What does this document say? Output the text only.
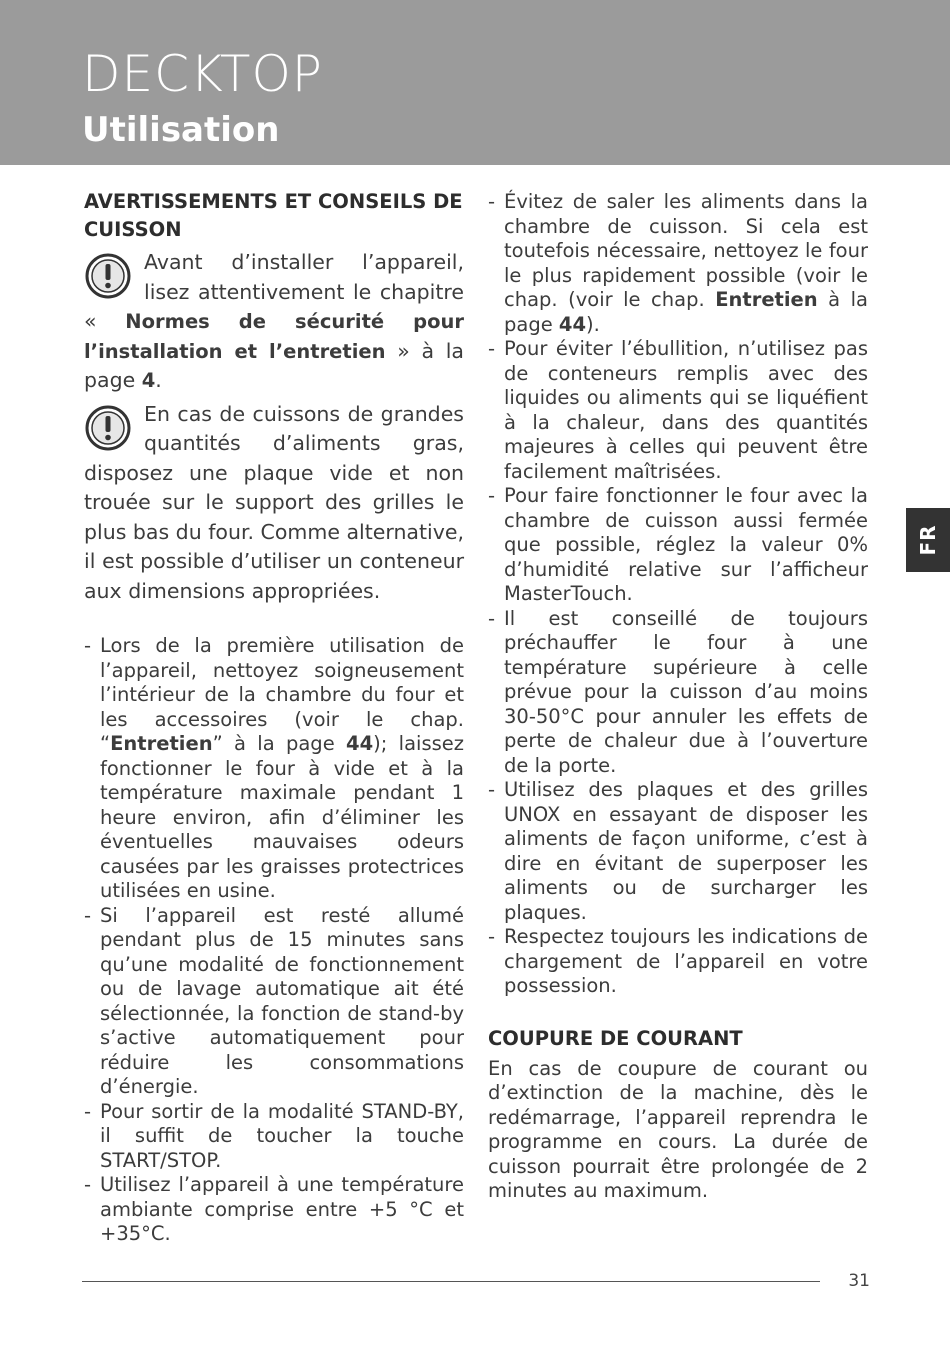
DECKTOP
Utilisation
AVERTISSEMENTS ET CONSEILS DE CUISSON

Avant d’installer l’appareil, lisez attentivement le chapitre « Normes de sécurité pour l’installation et l’entretien » à la page 4.

En cas de cuissons de grandes quantités d’aliments gras, disposez une plaque vide et non trouée sur le support des grilles le plus bas du four. Comme alternative, il est possible d’utiliser un conteneur aux dimensions appropriées.

- Lors de la première utilisation de l’appareil, nettoyez soigneusement l’intérieur de la chambre du four et les accessoires (voir le chap. “Entretien” à la page 44); laissez fonctionner le four à vide et à la température maximale pendant 1 heure environ, afin d’éliminer les éventuelles mauvaises odeurs causées par les graisses protectrices utilisées en usine.
- Si l’appareil est resté allumé pendant plus de 15 minutes sans qu’une modalité de fonctionnement ou de lavage automatique ait été sélectionnée, la fonction de stand-by s’active automatiquement pour réduire les consommations d’énergie.
- Pour sortir de la modalité STAND-BY, il suffit de toucher la touche START/STOP.
- Utilisez l’appareil à une température ambiante comprise entre +5 °C et +35°C.
- Évitez de saler les aliments dans la chambre de cuisson. Si cela est toutefois nécessaire, nettoyez le four le plus rapidement possible (voir le chap. (voir le chap. Entretien à la page 44).
- Pour éviter l’ébullition, n’utilisez pas de conteneurs remplis avec des liquides ou aliments qui se liquéfient à la chaleur, dans des quantités majeures à celles qui peuvent être facilement maîtrisées.
- Pour faire fonctionner le four avec la chambre de cuisson aussi fermée que possible, réglez la valeur 0% d’humidité relative sur l’afficheur MasterTouch.
- Il est conseillé de toujours préchauffer le four à une température supérieure à celle prévue pour la cuisson d’au moins 30-50°C pour annuler les effets de perte de chaleur due à l’ouverture de la porte.
- Utilisez des plaques et des grilles UNOX en essayant de disposer les aliments de façon uniforme, c’est à dire en évitant de superposer les aliments ou de surcharger les plaques.
- Respectez toujours les indications de chargement de l’appareil en votre possession.
COUPURE DE COURANT

En cas de coupure de courant ou d’extinction de la machine, dès le redémarrage, l’appareil reprendra le programme en cours. La durée de cuisson pourrait être prolongée de 2 minutes au maximum.

FR
31
